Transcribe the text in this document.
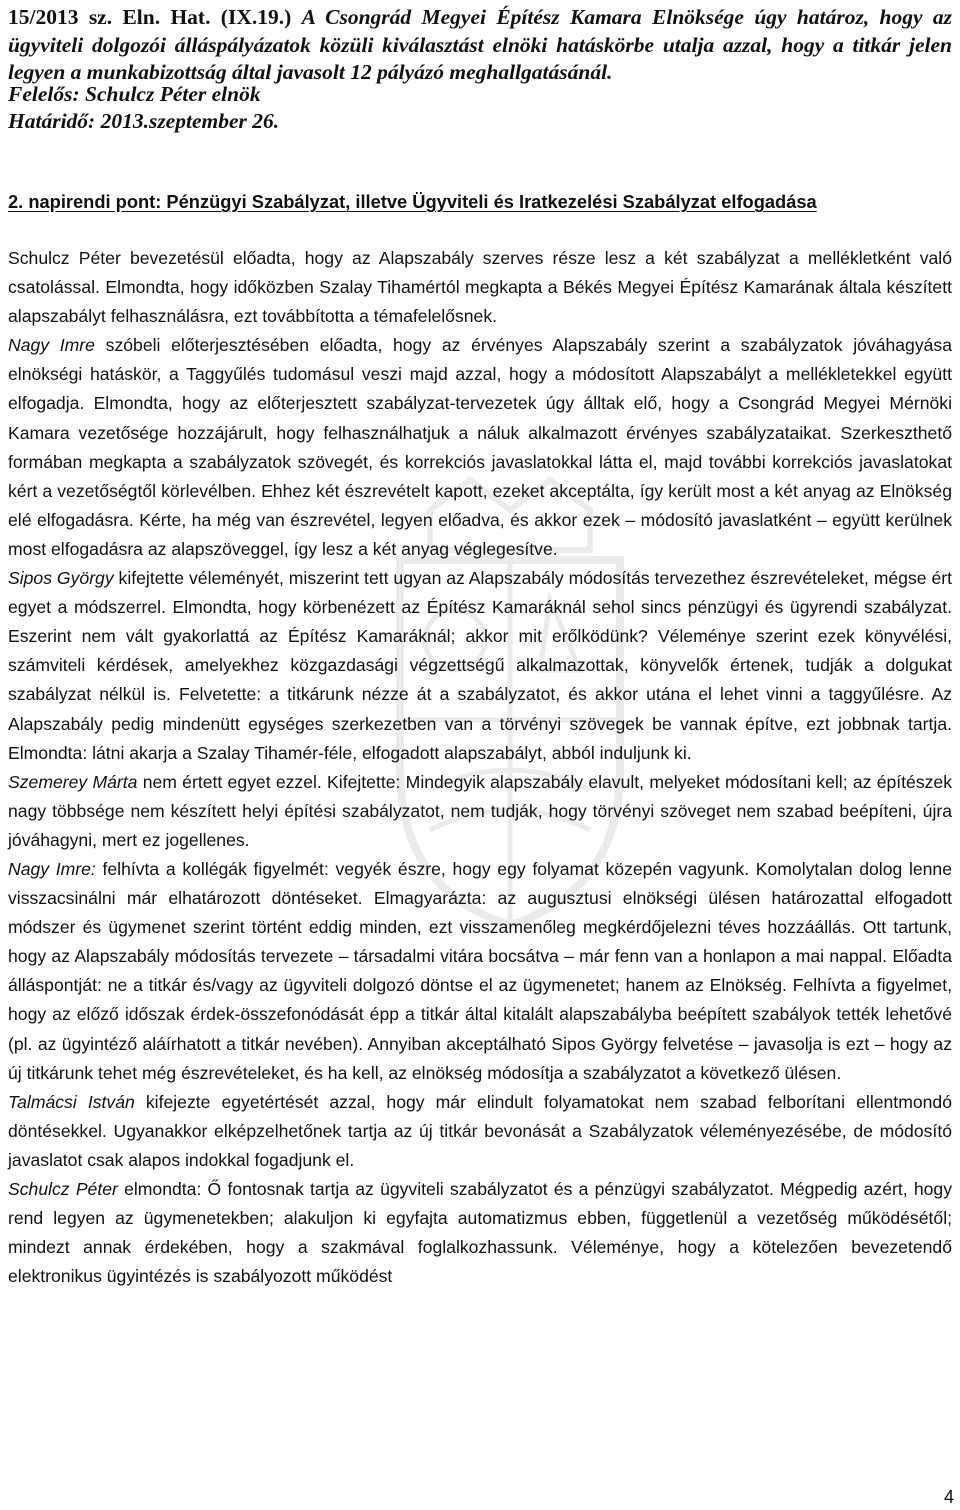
15/2013 sz. Eln. Hat. (IX.19.) A Csongrád Megyei Építész Kamara Elnöksége úgy határoz, hogy az ügyviteli dolgozói álláspályázatok közüli kiválasztást elnöki hatáskörbe utalja azzal, hogy a titkár jelen legyen a munkabizottság által javasolt 12 pályázó meghallgatásánál.

Felelős: Schulcz Péter elnök

Határidő: 2013.szeptember 26.

2. napirendi pont: Pénzügyi Szabályzat, illetve Ügyviteli és Iratkezelési Szabályzat elfogadása

Schulcz Péter bevezetésül előadta, hogy az Alapszabály szerves része lesz a két szabályzat a mellékletként való csatolással. Elmondta, hogy időközben Szalay Tihamértól megkapta a Békés Megyei Építész Kamarának általa készített alapszabályt felhasználásra, ezt továbbította a témafelelősnek.

Nagy Imre szóbeli előterjesztésében előadta, hogy az érvényes Alapszabály szerint a szabályzatok jóváhagyása elnökségi hatáskör, a Taggyűlés tudomásul veszi majd azzal, hogy a módosított Alapszabályt a mellékletekkel együtt elfogadja. Elmondta, hogy az előterjesztett szabályzat-tervezetek úgy álltak elő, hogy a Csongrád Megyei Mérnöki Kamara vezetősége hozzájárult, hogy felhasználhatjuk a náluk alkalmazott érvényes szabályzataikat. Szerkeszthető formában megkapta a szabályzatok szövegét, és korrekciós javaslatokkal látta el, majd további korrekciós javaslatokat kért a vezetőségtől körlevélben. Ehhez két észrevételt kapott, ezeket akceptálta, így került most a két anyag az Elnökség elé elfogadásra. Kérte, ha még van észrevétel, legyen előadva, és akkor ezek – módosító javaslatként – együtt kerülnek most elfogadásra az alapszöveggel, így lesz a két anyag véglegesítve.

Sipos György kifejtette véleményét, miszerint tett ugyan az Alapszabály módosítás tervezethez észrevételeket, mégse ért egyet a módszerrel. Elmondta, hogy körbenézett az Építész Kamaráknál sehol sincs pénzügyi és ügyrendi szabályzat. Eszerint nem vált gyakorlattá az Építész Kamaráknál; akkor mit erőlködünk? Véleménye szerint ezek könyvélési, számviteli kérdések, amelyekhez közgazdasági végzettségű alkalmazottak, könyvelők értenek, tudják a dolgukat szabályzat nélkül is. Felvetette: a titkárunk nézze át a szabályzatot, és akkor utána el lehet vinni a taggyűlésre. Az Alapszabály pedig mindenütt egységes szerkezetben van a törvényi szövegek be vannak építve, ezt jobbnak tartja. Elmondta: látni akarja a Szalay Tihamér-féle, elfogadott alapszabályt, abból induljunk ki.

Szemerey Márta nem értett egyet ezzel. Kifejtette: Mindegyik alapszabály elavult, melyeket módosítani kell; az építészek nagy többsége nem készített helyi építési szabályzatot, nem tudják, hogy törvényi szöveget nem szabad beépíteni, újra jóváhagyni, mert ez jogellenes.

Nagy Imre: felhívta a kollégák figyelmét: vegyék észre, hogy egy folyamat közepén vagyunk. Komolytalan dolog lenne visszacsinálni már elhatározott döntéseket. Elmagyarázta: az augusztusi elnökségi ülésen határozattal elfogadott módszer és ügymenet szerint történt eddig minden, ezt visszamenőleg megkérdőjelezni téves hozzáállás. Ott tartunk, hogy az Alapszabály módosítás tervezete – társadalmi vitára bocsátva – már fenn van a honlapon a mai nappal. Előadta álláspontját: ne a titkár és/vagy az ügyviteli dolgozó döntse el az ügymenetet; hanem az Elnökség. Felhívta a figyelmet, hogy az előző időszak érdek-összefonódását épp a titkár által kitalált alapszabályba beépített szabályok tették lehetővé (pl. az ügyintéző aláírhatott a titkár nevében). Annyiban akceptálható Sipos György felvetése – javasolja is ezt – hogy az új titkárunk tehet még észrevételeket, és ha kell, az elnökség módosítja a szabályzatot a következő ülésen.

Talmácsi István kifejezte egyetértését azzal, hogy már elindult folyamatokat nem szabad felborítani ellentmondó döntésekkel. Ugyanakkor elképzelhetőnek tartja az új titkár bevonását a Szabályzatok véleményezésébe, de módosító javaslatot csak alapos indokkal fogadjunk el.

Schulcz Péter elmondta: Ő fontosnak tartja az ügyviteli szabályzatot és a pénzügyi szabályzatot. Mégpedig azért, hogy rend legyen az ügymenetekben; alakuljon ki egyfajta automatizmus ebben, függetlenül a vezetőség működésétől; mindezt annak érdekében, hogy a szakmával foglalkozhassunk. Véleménye, hogy a kötelezően bevezetendő elektronikus ügyintézés is szabályozott működést

4
